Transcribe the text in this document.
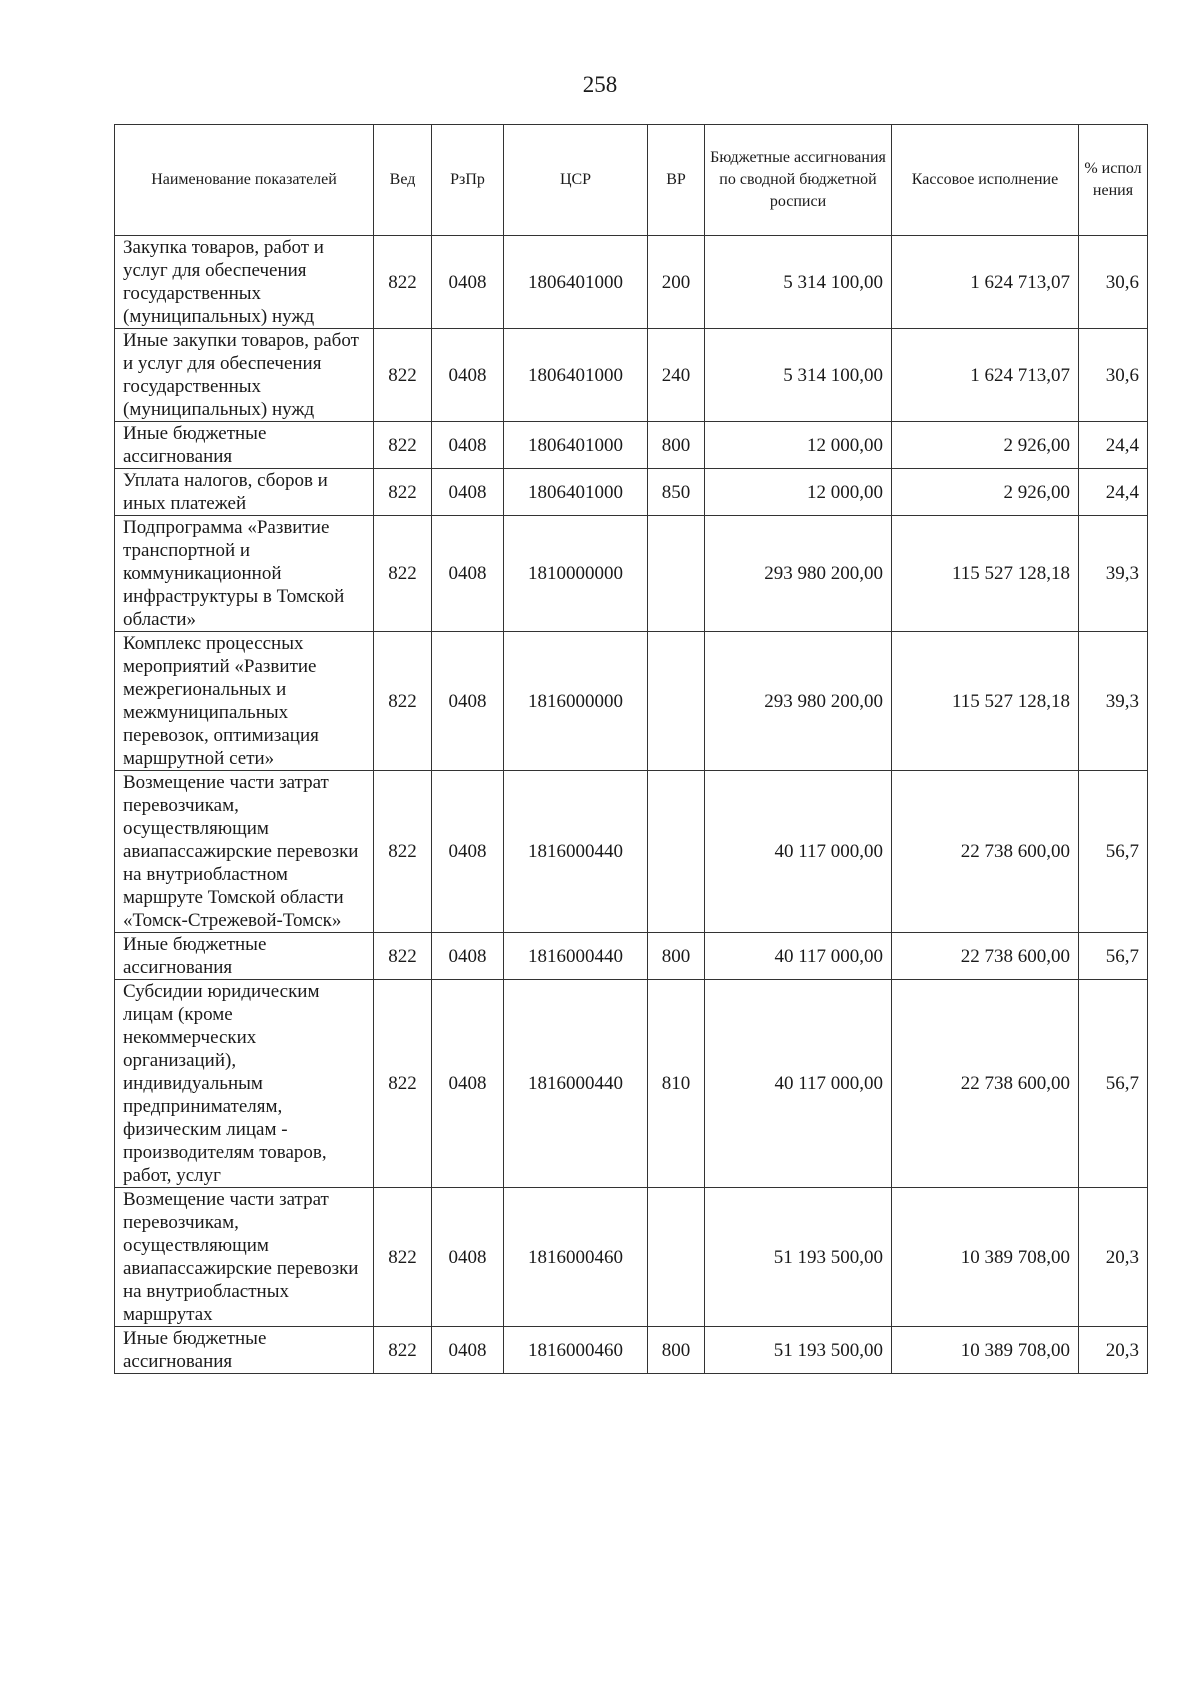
258
Наименование показателей	Вед	РзПр	ЦСР	ВР	Бюджетные ассигнования по сводной бюджетной росписи	Кассовое исполнение	% испол нения
Закупка товаров, работ и услуг для обеспечения государственных (муниципальных) нужд	822	0408	1806401000	200	5 314 100,00	1 624 713,07	30,6
Иные закупки товаров, работ и услуг для обеспечения государственных (муниципальных) нужд	822	0408	1806401000	240	5 314 100,00	1 624 713,07	30,6
Иные бюджетные ассигнования	822	0408	1806401000	800	12 000,00	2 926,00	24,4
Уплата налогов, сборов и иных платежей	822	0408	1806401000	850	12 000,00	2 926,00	24,4
Подпрограмма «Развитие транспортной и коммуникационной инфраструктуры в Томской области»	822	0408	1810000000		293 980 200,00	115 527 128,18	39,3
Комплекс процессных мероприятий «Развитие межрегиональных и межмуниципальных перевозок, оптимизация маршрутной сети»	822	0408	1816000000		293 980 200,00	115 527 128,18	39,3
Возмещение части затрат перевозчикам, осуществляющим авиапассажирские перевозки на внутриобластном маршруте Томской области «Томск-Стрежевой-Томск»	822	0408	1816000440		40 117 000,00	22 738 600,00	56,7
Иные бюджетные ассигнования	822	0408	1816000440	800	40 117 000,00	22 738 600,00	56,7
Субсидии юридическим лицам (кроме некоммерческих организаций), индивидуальным предпринимателям, физическим лицам - производителям товаров, работ, услуг	822	0408	1816000440	810	40 117 000,00	22 738 600,00	56,7
Возмещение части затрат перевозчикам, осуществляющим авиапассажирские перевозки на внутриобластных маршрутах	822	0408	1816000460		51 193 500,00	10 389 708,00	20,3
Иные бюджетные ассигнования	822	0408	1816000460	800	51 193 500,00	10 389 708,00	20,3
